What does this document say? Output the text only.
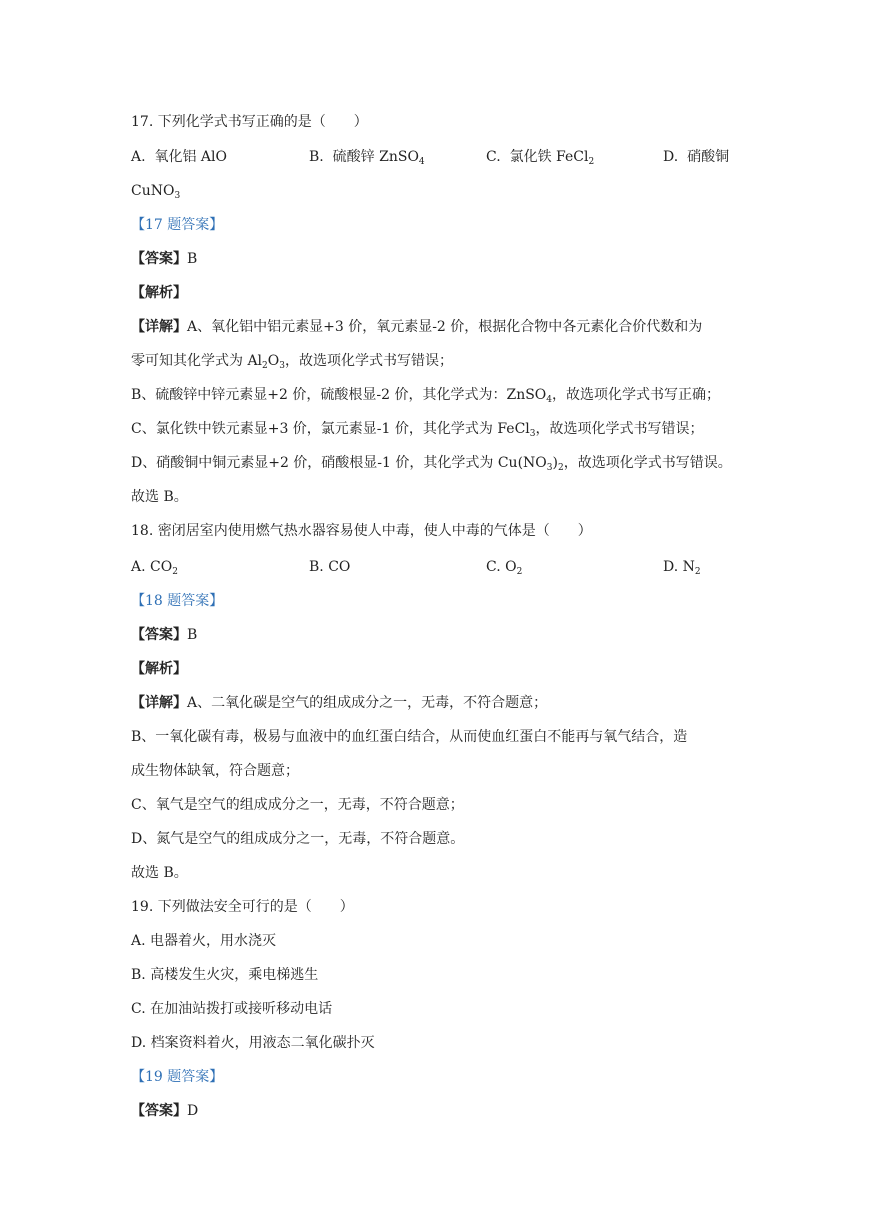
17. 下列化学式书写正确的是（　　）
A. 氧化铝 AlO	B. 硫酸锌 ZnSO$_4$	C. 氯化铁 FeCl$_2$	D. 硝酸铜
CuNO$_3$
【17 题答案】
【答案】B
【解析】
【详解】A、氧化铝中铝元素显+3 价，氧元素显-2 价，根据化合物中各元素化合价代数和为
零可知其化学式为 $Al_2O_3$，故选项化学式书写错误；
B、硫酸锌中锌元素显+2 价，硫酸根显-2 价，其化学式为：ZnSO$_4$，故选项化学式书写正确；
C、氯化铁中铁元素显+3 价，氯元素显-1 价，其化学式为 FeCl$_3$，故选项化学式书写错误；
D、硝酸铜中铜元素显+2 价，硝酸根显-1 价，其化学式为 $Cu(NO_3)_2$，故选项化学式书写错误。
故选 B。
18. 密闭居室内使用燃气热水器容易使人中毒，使人中毒的气体是（　　）
A. $CO_2$	B. CO	C. $O_2$	D. $N_2$
【18 题答案】
【答案】B
【解析】
【详解】A、二氧化碳是空气的组成成分之一，无毒，不符合题意；
B、一氧化碳有毒，极易与血液中的血红蛋白结合，从而使血红蛋白不能再与氧气结合，造
成生物体缺氧，符合题意；
C、氧气是空气的组成成分之一，无毒，不符合题意；
D、氮气是空气的组成成分之一，无毒，不符合题意。
故选 B。
19. 下列做法安全可行的是（　　）
A. 电器着火，用水浇灭
B. 高楼发生火灾，乘电梯逃生
C. 在加油站拨打或接听移动电话
D. 档案资料着火，用液态二氧化碳扑灭
【19 题答案】
【答案】D
